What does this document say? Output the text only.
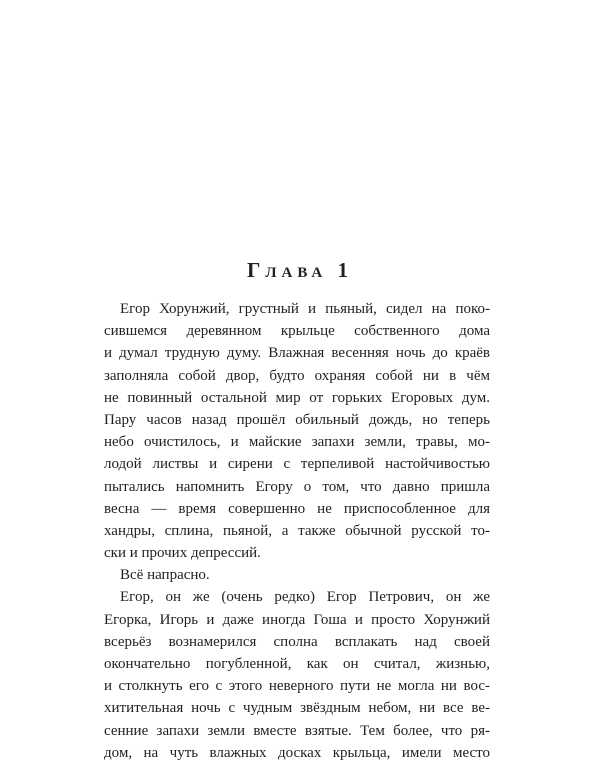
Глава 1
Егор Хорунжий, грустный и пьяный, сидел на поко-
сившемся деревянном крыльце собственного дома
и думал трудную думу. Влажная весенняя ночь до краёв
заполняла собой двор, будто охраняя собой ни в чём
не повинный остальной мир от горьких Егоровых дум.
Пару часов назад прошёл обильный дождь, но теперь
небо очистилось, и майские запахи земли, травы, мо-
лодой листвы и сирени с терпеливой настойчивостью
пытались напомнить Егору о том, что давно пришла
весна — время совершенно не приспособленное для
хандры, сплина, пьяной, а также обычной русской то-
ски и прочих депрессий.
Всё напрасно.
Егор, он же (очень редко) Егор Петрович, он же
Егорка, Игорь и даже иногда Гоша и просто Хорунжий
всерьёз вознамерился сполна всплакать над своей
окончательно погубленной, как он считал, жизнью,
и столкнуть его с этого неверного пути не могла ни вос-
хитительная ночь с чудным звёздным небом, ни все ве-
сенние запахи земли вместе взятые. Тем более, что ря-
дом, на чуть влажных досках крыльца, имели место
